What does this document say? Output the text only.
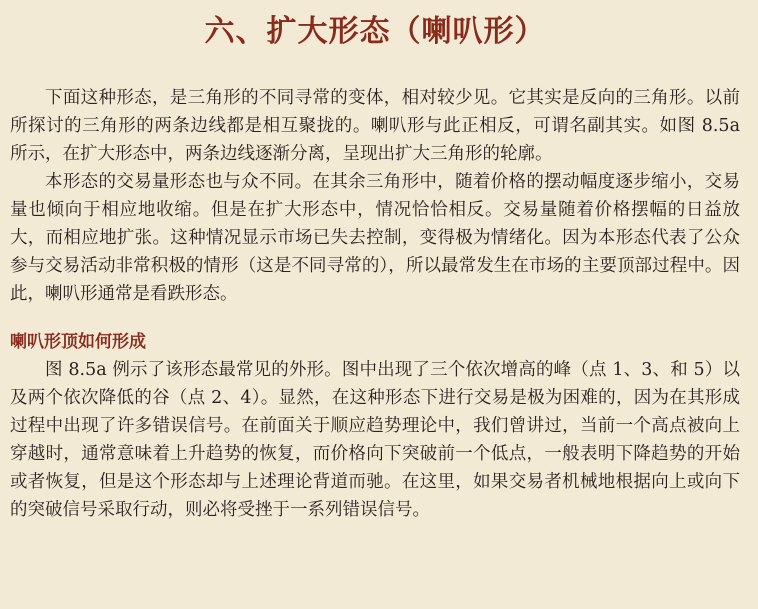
六、扩大形态（喇叭形）

下面这种形态，是三角形的不同寻常的变体，相对较少见。它其实是反向的三角形。以前所探讨的三角形的两条边线都是相互聚拢的。喇叭形与此正相反，可谓名副其实。如图 8.5a 所示，在扩大形态中，两条边线逐渐分离，呈现出扩大三角形的轮廓。

本形态的交易量形态也与众不同。在其余三角形中，随着价格的摆动幅度逐步缩小，交易量也倾向于相应地收缩。但是在扩大形态中，情况恰恰相反。交易量随着价格摆幅的日益放大，而相应地扩张。这种情况显示市场已失去控制，变得极为情绪化。因为本形态代表了公众参与交易活动非常积极的情形（这是不同寻常的），所以最常发生在市场的主要顶部过程中。因此，喇叭形通常是看跌形态。

喇叭形顶如何形成

图 8.5a 例示了该形态最常见的外形。图中出现了三个依次增高的峰（点 1、3、和 5）以及两个依次降低的谷（点 2、4）。显然，在这种形态下进行交易是极为困难的，因为在其形成过程中出现了许多错误信号。在前面关于顺应趋势理论中，我们曾讲过，当前一个高点被向上穿越时，通常意味着上升趋势的恢复，而价格向下突破前一个低点，一般表明下降趋势的开始或者恢复，但是这个形态却与上述理论背道而驰。在这里，如果交易者机械地根据向上或向下的突破信号采取行动，则必将受挫于一系列错误信号。
